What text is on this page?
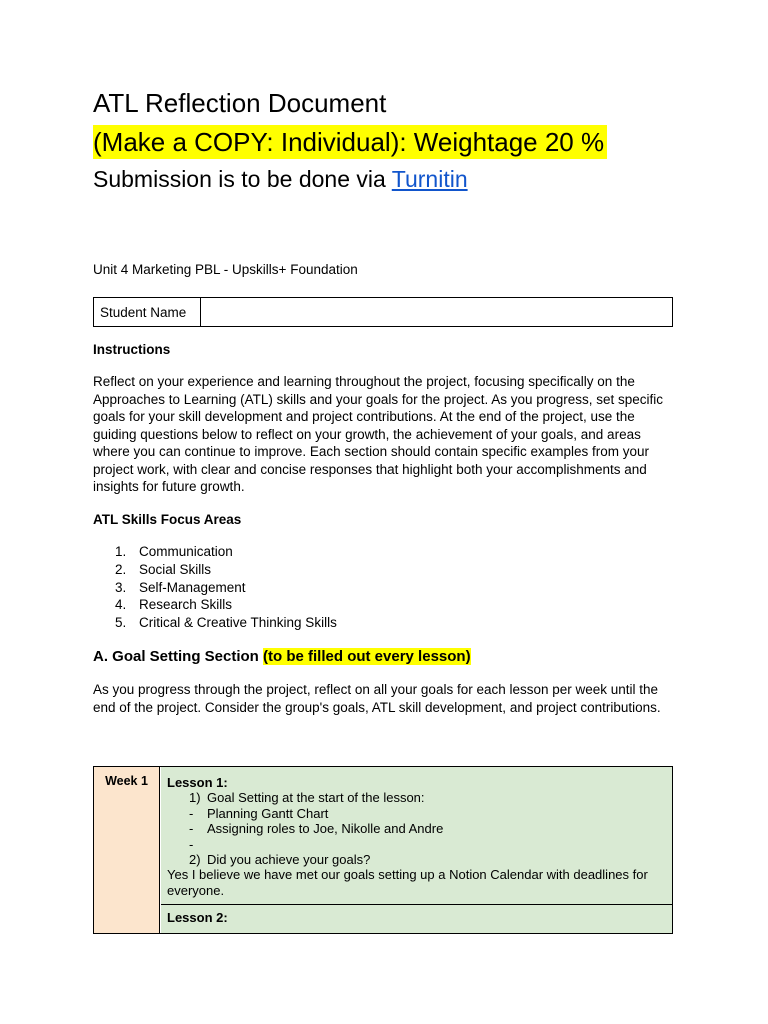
ATL Reflection Document
(Make a COPY: Individual): Weightage 20 %
Submission is to be done via Turnitin
Unit 4 Marketing PBL - Upskills+ Foundation
Student Name
Instructions
Reflect on your experience and learning throughout the project, focusing specifically on the Approaches to Learning (ATL) skills and your goals for the project. As you progress, set specific goals for your skill development and project contributions. At the end of the project, use the guiding questions below to reflect on your growth, the achievement of your goals, and areas where you can continue to improve. Each section should contain specific examples from your project work, with clear and concise responses that highlight both your accomplishments and insights for future growth.
ATL Skills Focus Areas
1. Communication
2. Social Skills
3. Self-Management
4. Research Skills
5. Critical & Creative Thinking Skills
A. Goal Setting Section (to be filled out every lesson)
As you progress through the project, reflect on all your goals for each lesson per week until the end of the project. Consider the group's goals, ATL skill development, and project contributions.
Week 1	Lesson 1:
1) Goal Setting at the start of the lesson:
- Planning Gantt Chart
- Assigning roles to Joe, Nikolle and Andre
-
2) Did you achieve your goals?
Yes I believe we have met our goals setting up a Notion Calendar with deadlines for everyone.
Lesson 2:
